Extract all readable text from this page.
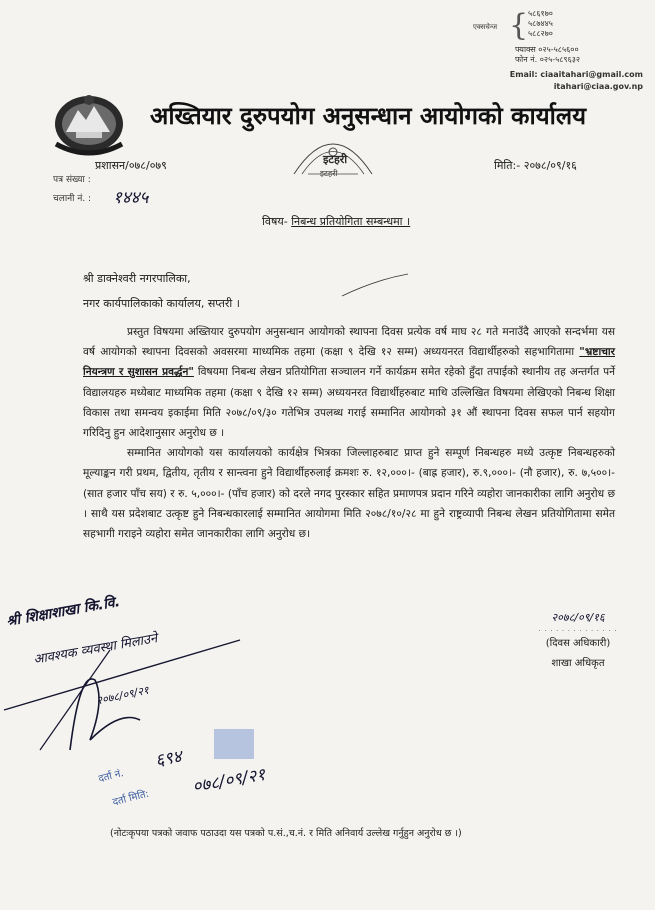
एक्सचेन्ज { ५८६१७०
५८७४४५
५८८२७०
फ्याक्स ०२५-५८५६००
फोन नं. ०२५-५८९६३२
Email: ciaaitahari@gmail.com
itahari@ciaa.gov.np
अख्तियार दुरुपयोग अनुसन्धान आयोगको कार्यालय
इटहरी
इटहरी
प्रशासन/०७८/०७९
पत्र संख्या :
मिति:- २०७८/०९/१६
चलानी नं. : १४४५
विषय- निबन्ध प्रतियोगिता सम्बन्धमा ।
श्री डाक्नेश्वरी नगरपालिका,
नगर कार्यपालिकाको कार्यालय, सप्तरी ।

प्रस्तुत विषयमा अख्तियार दुरुपयोग अनुसन्धान आयोगको स्थापना दिवस प्रत्येक वर्ष माघ २८ गते मनाउँदै आएको सन्दर्भमा यस वर्ष आयोगको स्थापना दिवसको अवसरमा माध्यमिक तहमा (कक्षा ९ देखि १२ सम्म) अध्ययनरत विद्यार्थीहरुको सहभागितामा "भ्रष्टाचार नियन्त्रण र सुशासन प्रवर्द्धन" विषयमा निबन्ध लेखन प्रतियोगिता सञ्चालन गर्ने कार्यक्रम समेत रहेको हुँदा तपाईको स्थानीय तह अन्तर्गत पर्ने विद्यालयहरु मध्येबाट माध्यमिक तहमा (कक्षा ९ देखि १२ सम्म) अध्ययनरत विद्यार्थीहरुबाट माथि उल्लिखित विषयमा लेखिएको निबन्ध शिक्षा विकास तथा समन्वय इकाईमा मिति २०७८/०९/३० गतेभित्र उपलब्ध गराई सम्मानित आयोगको ३१ औं स्थापना दिवस सफल पार्न सहयोग गरिदिनु हुन आदेशानुसार अनुरोध छ ।

सम्मानित आयोगको यस कार्यालयको कार्यक्षेत्र भित्रका जिल्लाहरुबाट प्राप्त हुने सम्पूर्ण निबन्धहरु मध्ये उत्कृष्ट निबन्धहरुको मूल्याङ्कन गरी प्रथम, द्वितीय, तृतीय र सान्त्वना हुने विद्यार्थीहरुलाई क्रमशः रु. १२,०००।- (बाह्र हजार), रु.९,०००।- (नौ हजार), रु. ७,५००।- (सात हजार पाँच सय) र रु. ५,०००।- (पाँच हजार) को दरले नगद पुरस्कार सहित प्रमाणपत्र प्रदान गरिने व्यहोरा जानकारीका लागि अनुरोध छ । साथै यस प्रदेशबाट उत्कृष्ट हुने निबन्धकारलाई सम्मानित आयोगमा मिति २०७८/१०/२८ मा हुने राष्ट्रव्यापी निबन्ध लेखन प्रतियोगितामा समेत सहभागी गराइने व्यहोरा समेत जानकारीका लागि अनुरोध छ।

२०७८/०९/१६
. . . . . . . . . . . . . .
(दिवस अधिकारी)
शाखा अधिकृत
श्री शिक्षाशाखा कि.वि.
आवश्यक व्यवस्था मिलाउने
२०७८/०९/२१
दर्ता नं.
६९४
दर्ता मिति:
०७८/०९/२१
(नोटःकृपया पत्रको जवाफ पठाउदा यस पत्रको प.सं.,च.नं. र मिति अनिवार्य उल्लेख गर्नुहुन अनुरोध छ ।)
